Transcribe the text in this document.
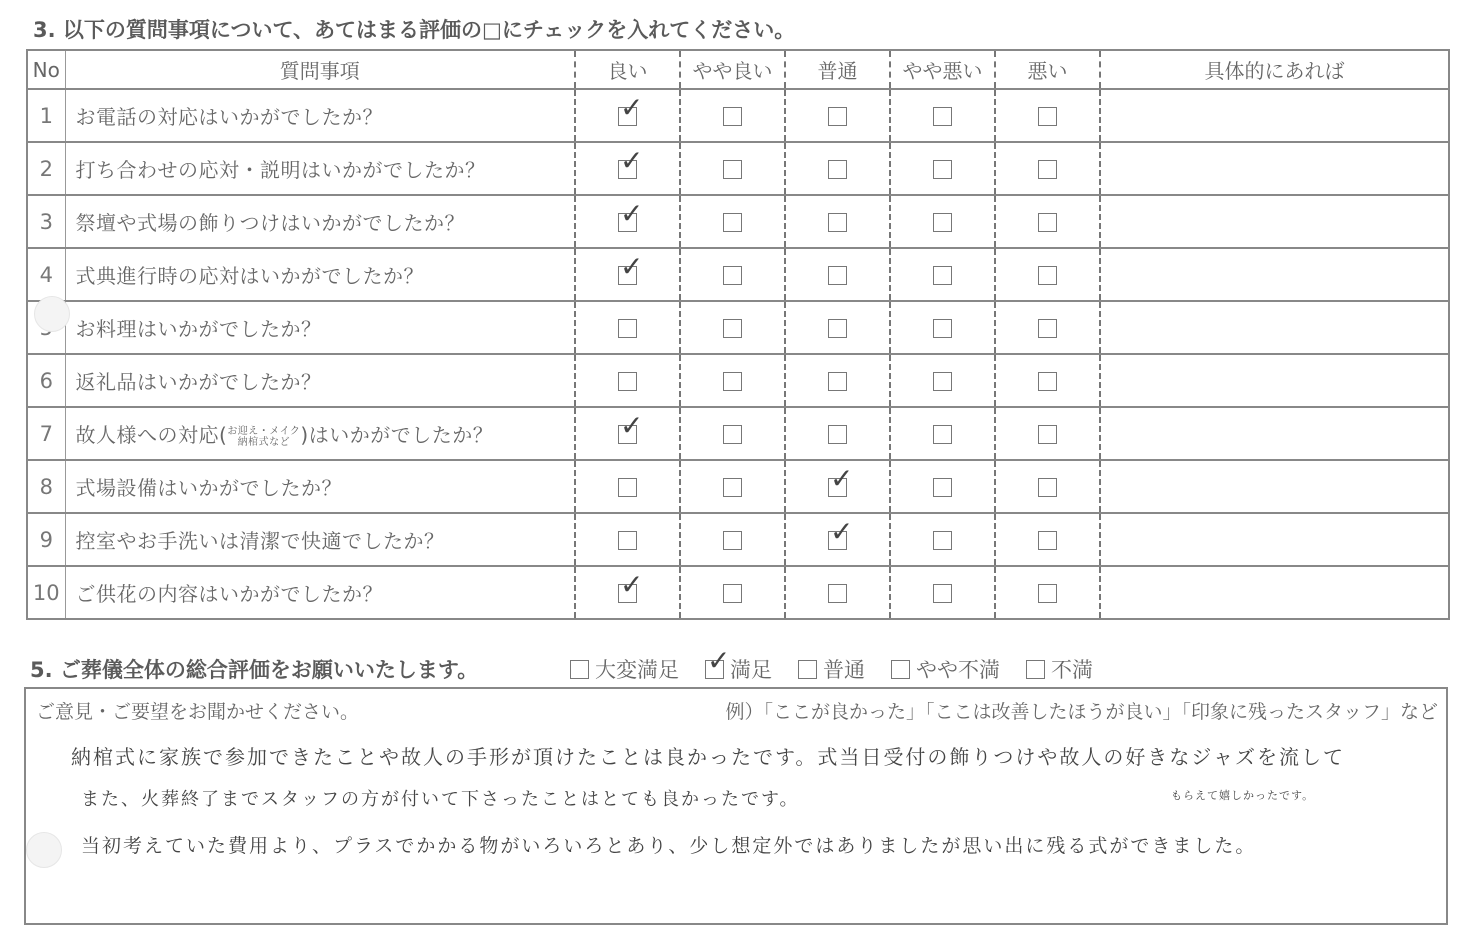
3. 以下の質問事項について、あてはまる評価の□にチェックを入れてください。
No	質問事項	良い	やや良い	普通	やや悪い	悪い	具体的にあれば
1	お電話の対応はいかがでしたか？	✓					

2	打ち合わせの応対・説明はいかがでしたか？	✓					

3	祭壇や式場の飾りつけはいかがでしたか？	✓					

4	式典進行時の応対はいかがでしたか？	✓					

	お料理はいかがでしたか？						
6	返礼品はいかがでしたか？						
7	故人様への対応(お迎え・メイク
納棺式など )はいかがでしたか？	✓					

8	式場設備はいかがでしたか？			✓			

9	控室やお手洗いは清潔で快適でしたか？			✓			

10	ご供花の内容はいかがでしたか？	✓					

5. ご葬儀全体の総合評価をお願いいたします。	大変満足 ✓ 満足 普通 やや不満 不満
ご意見・ご要望をお聞かせください。	例）「ここが良かった」「ここは改善したほうが良い」「印象に残ったスタッフ」など
納棺式に家族で参加できたことや故人の手形が頂けたことは良かったです。式当日受付の飾りつけや故人の好きなジャズを流して
また、火葬終了までスタッフの方が付いて下さったことはとても良かったです。	もらえて嬉しかったです。
当初考えていた費用より、プラスでかかる物がいろいろとあり、少し想定外ではありましたが思い出に残る式ができました。
